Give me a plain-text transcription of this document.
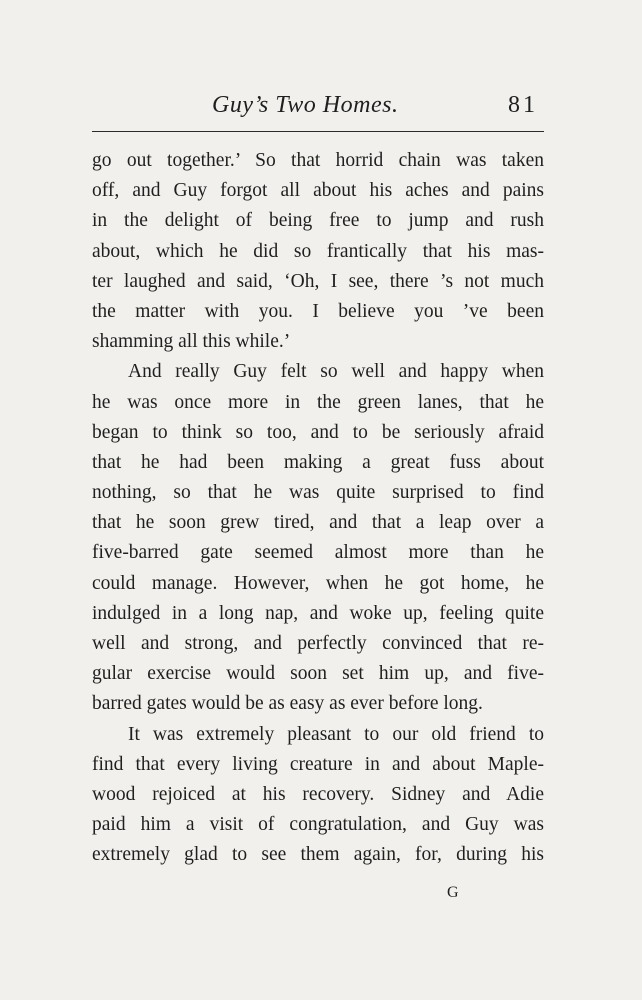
Guy’s Two Homes.	81
go out together.’ So that horrid chain was taken
off, and Guy forgot all about his aches and pains
in the delight of being free to jump and rush
about, which he did so frantically that his mas-
ter laughed and said, ‘Oh, I see, there ’s not much
the matter with you. I believe you ’ve been
shamming all this while.’
And really Guy felt so well and happy when
he was once more in the green lanes, that he
began to think so too, and to be seriously afraid
that he had been making a great fuss about
nothing, so that he was quite surprised to find
that he soon grew tired, and that a leap over a
five-barred gate seemed almost more than he
could manage. However, when he got home, he
indulged in a long nap, and woke up, feeling quite
well and strong, and perfectly convinced that re-
gular exercise would soon set him up, and five-
barred gates would be as easy as ever before long.
It was extremely pleasant to our old friend to
find that every living creature in and about Maple-
wood rejoiced at his recovery. Sidney and Adie
paid him a visit of congratulation, and Guy was
extremely glad to see them again, for, during his
G
